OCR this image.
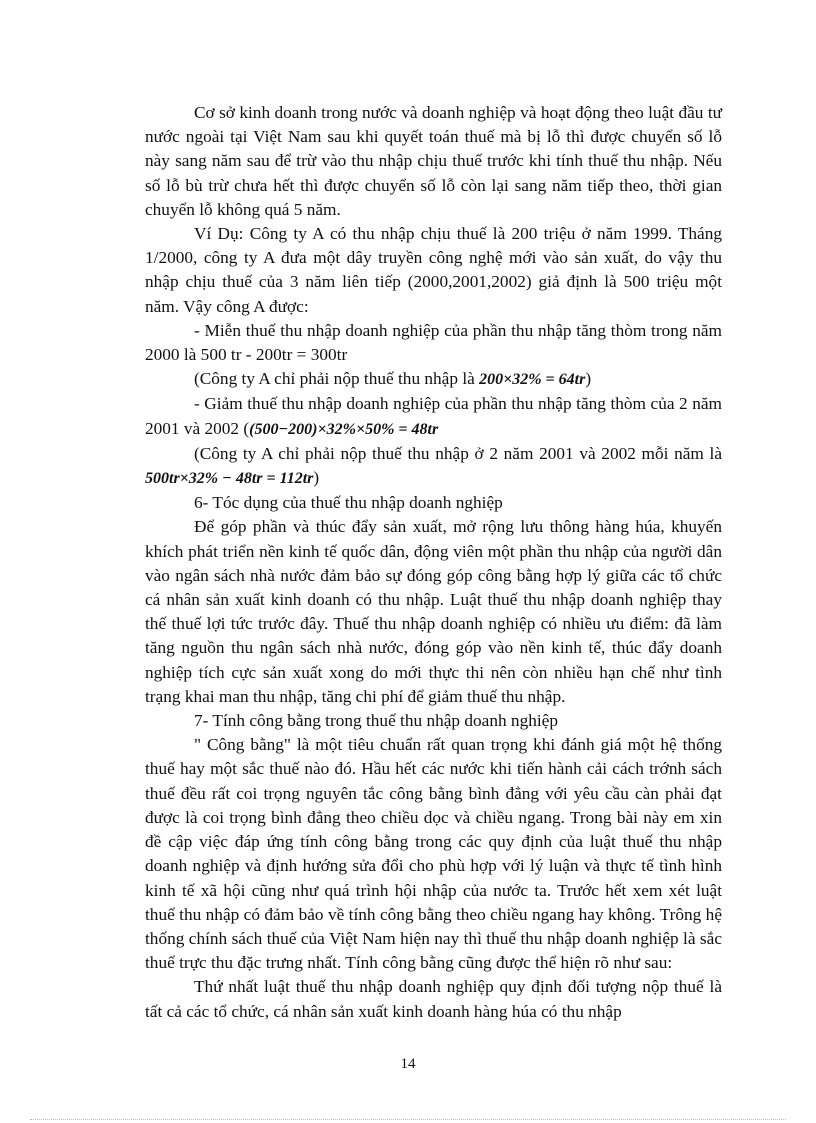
Cơ sở kinh doanh trong nước và doanh nghiệp và hoạt động theo luật đầu tư nước ngoài tại Việt Nam sau khi quyết toán thuế mà bị lỗ thì được chuyển số lỗ này sang năm sau để trừ vào thu nhập chịu thuế trước khi tính thuế thu nhập. Nếu số lỗ bù trừ chưa hết thì được chuyển số lỗ còn lại sang năm tiếp theo, thời gian chuyển lỗ không quá 5 năm.

Ví Dụ: Công ty A có thu nhập chịu thuế là 200 triệu ở năm 1999. Tháng 1/2000, công ty A đưa một dây truyền công nghệ mới vào sản xuất, do vậy thu nhập chịu thuế của 3 năm liên tiếp (2000,2001,2002) giả định là 500 triệu một năm. Vậy công A được:

- Miễn thuế thu nhập doanh nghiệp của phần thu nhập tăng thòm trong năm 2000 là 500 tr - 200tr = 300tr

(Công ty A chỉ phải nộp thuế thu nhập là 200×32% = 64tr)

- Giảm thuế thu nhập doanh nghiệp của phần thu nhập tăng thòm của 2 năm 2001 và 2002 ((500−200)×32%×50% = 48tr

(Công ty A chỉ phải nộp thuế thu nhập ở 2 năm 2001 và 2002 mỗi năm là 500tr×32% − 48tr = 112tr)

6- Tóc dụng của thuế thu nhập doanh nghiệp

Để góp phần và thúc đẩy sản xuất, mở rộng lưu thông hàng húa, khuyến khích phát triển nền kinh tế quốc dân, động viên một phần thu nhập của người dân vào ngân sách nhà nước đảm bảo sự đóng góp công bằng hợp lý giữa các tổ chức cá nhân sản xuất kinh doanh có thu nhập. Luật thuế thu nhập doanh nghiệp thay thế thuế lợi tức trước đây. Thuế thu nhập doanh nghiệp có nhiều ưu điểm: đã làm tăng nguồn thu ngân sách nhà nước, đóng góp vào nền kinh tế, thúc đẩy doanh nghiệp tích cực sản xuất xong do mới thực thi nên còn nhiều hạn chế như tình trạng khai man thu nhập, tăng chi phí để giảm thuế thu nhập.

7- Tính công bằng trong thuế thu nhập doanh nghiệp

" Công bằng" là một tiêu chuẩn rất quan trọng khi đánh giá một hệ thống thuế hay một sắc thuế nào đó. Hầu hết các nước khi tiến hành cải cách trớnh sách thuế đều rất coi trọng nguyên tắc công bằng bình đẳng với yêu cầu càn phải đạt được là coi trọng bình đẳng theo chiều dọc và chiều ngang. Trong bài này em xin đề cập việc đáp ứng tính công bằng trong các quy định của luật thuế thu nhập doanh nghiệp và định hướng sửa đổi cho phù hợp với lý luận và thực tế tình hình kinh tế xã hội cũng như quá trình hội nhập của nước ta. Trước hết xem xét luật thuế thu nhập có đảm bảo về tính công bằng theo chiều ngang hay không. Trông hệ thống chính sách thuế của Việt Nam hiện nay thì thuế thu nhập doanh nghiệp là sắc thuế trực thu đặc trưng nhất. Tính công bằng cũng được thể hiện rõ như sau:

Thứ nhất luật thuế thu nhập doanh nghiệp quy định đối tượng nộp thuế là tất cả các tổ chức, cá nhân sản xuất kinh doanh hàng húa có thu nhập

14
